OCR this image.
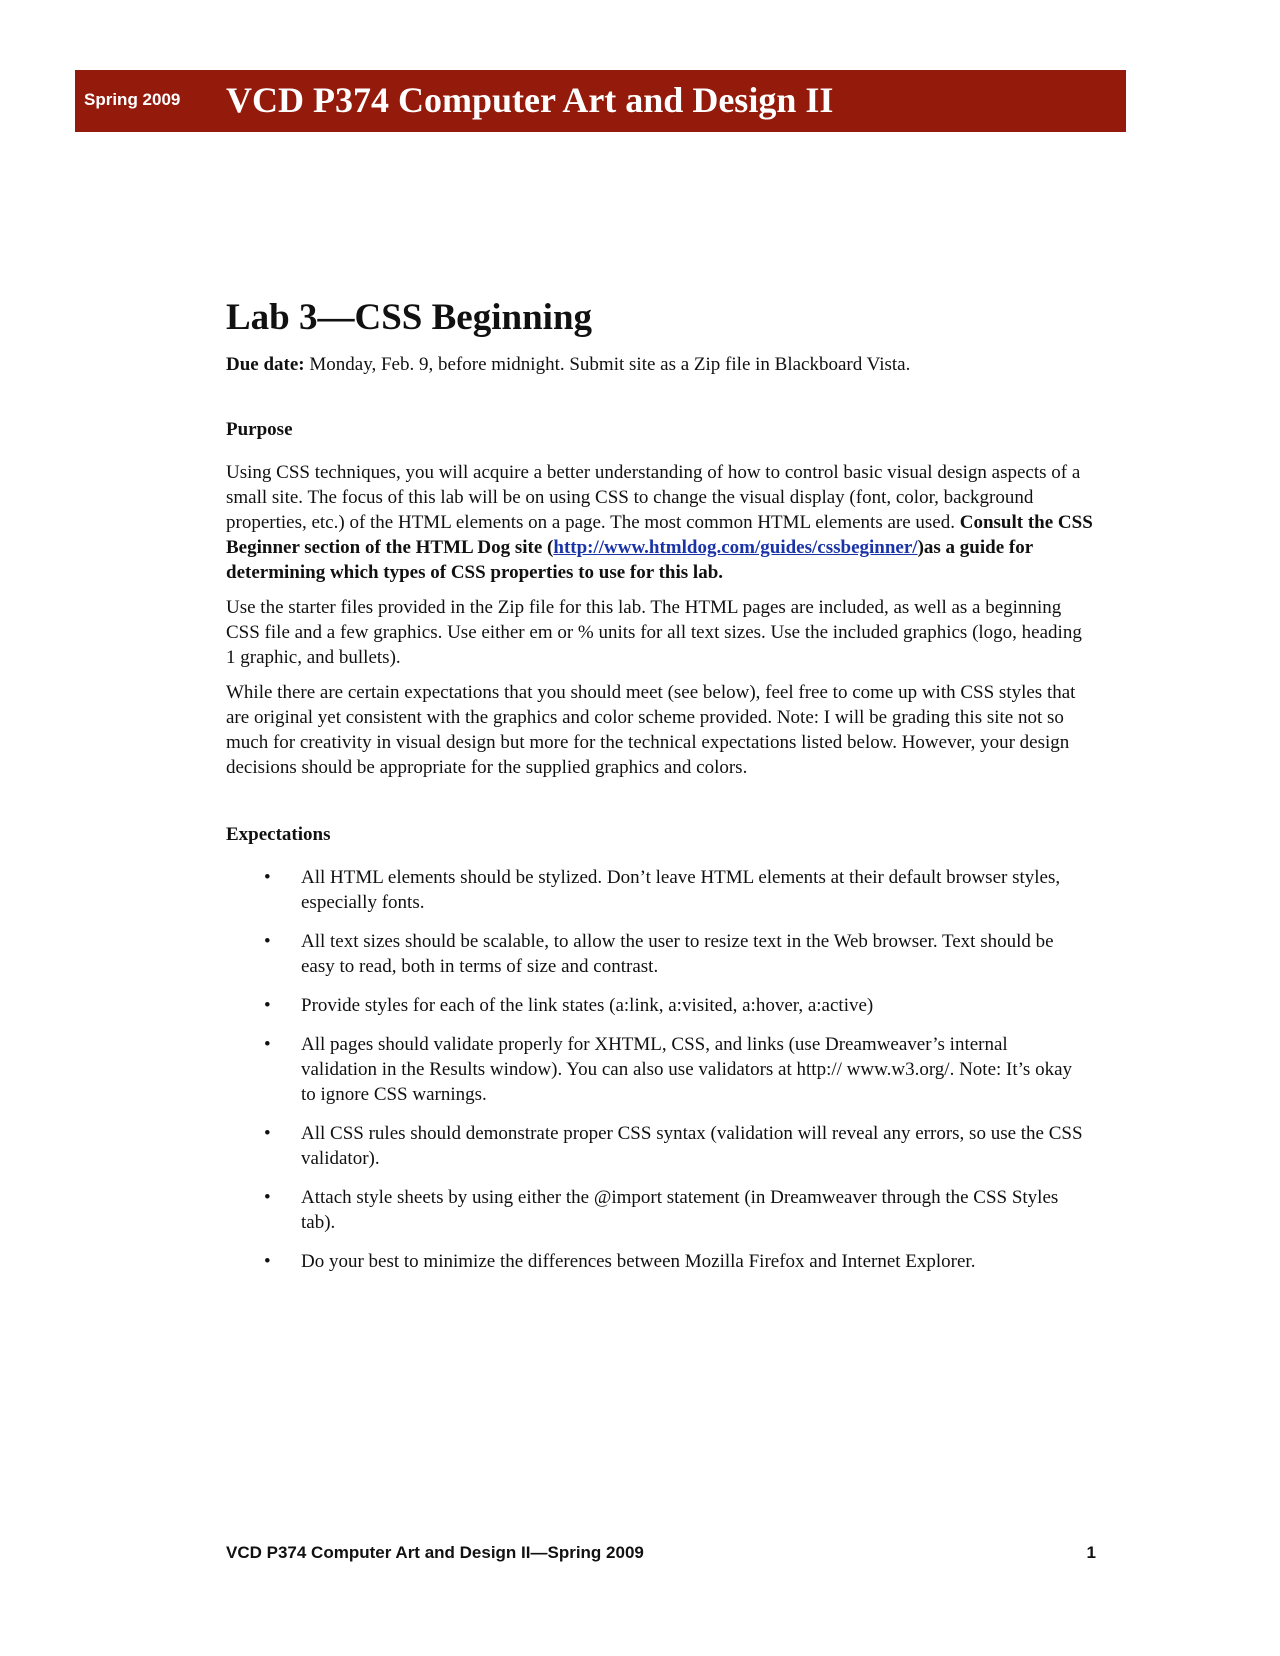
Spring 2009 VCD P374 Computer Art and Design II
Lab 3—CSS Beginning

Due date: Monday, Feb. 9, before midnight. Submit site as a Zip file in Blackboard Vista.

Purpose

Using CSS techniques, you will acquire a better understanding of how to control basic visual design aspects of a small site. The focus of this lab will be on using CSS to change the visual display (font, color, background properties, etc.) of the HTML elements on a page. The most common HTML elements are used. Consult the CSS Beginner section of the HTML Dog site (http://www.htmldog.com/guides/cssbeginner/)as a guide for determining which types of CSS properties to use for this lab.

Use the starter files provided in the Zip file for this lab. The HTML pages are included, as well as a beginning CSS file and a few graphics. Use either em or % units for all text sizes. Use the included graphics (logo, heading 1 graphic, and bullets).

While there are certain expectations that you should meet (see below), feel free to come up with CSS styles that are original yet consistent with the graphics and color scheme provided. Note: I will be grading this site not so much for creativity in visual design but more for the technical expectations listed below. However, your design decisions should be appropriate for the supplied graphics and colors.

Expectations
• All HTML elements should be stylized. Don’t leave HTML elements at their default browser styles, especially fonts.
• All text sizes should be scalable, to allow the user to resize text in the Web browser. Text should be easy to read, both in terms of size and contrast.
• Provide styles for each of the link states (a:link, a:visited, a:hover, a:active)
• All pages should validate properly for XHTML, CSS, and links (use Dreamweaver’s internal validation in the Results window). You can also use validators at http:// www.w3.org/. Note: It’s okay to ignore CSS warnings.
• All CSS rules should demonstrate proper CSS syntax (validation will reveal any errors, so use the CSS validator).
• Attach style sheets by using either the @import statement (in Dreamweaver through the CSS Styles tab).
• Do your best to minimize the differences between Mozilla Firefox and Internet Explorer.
VCD P374 Computer Art and Design II—Spring 2009	1
